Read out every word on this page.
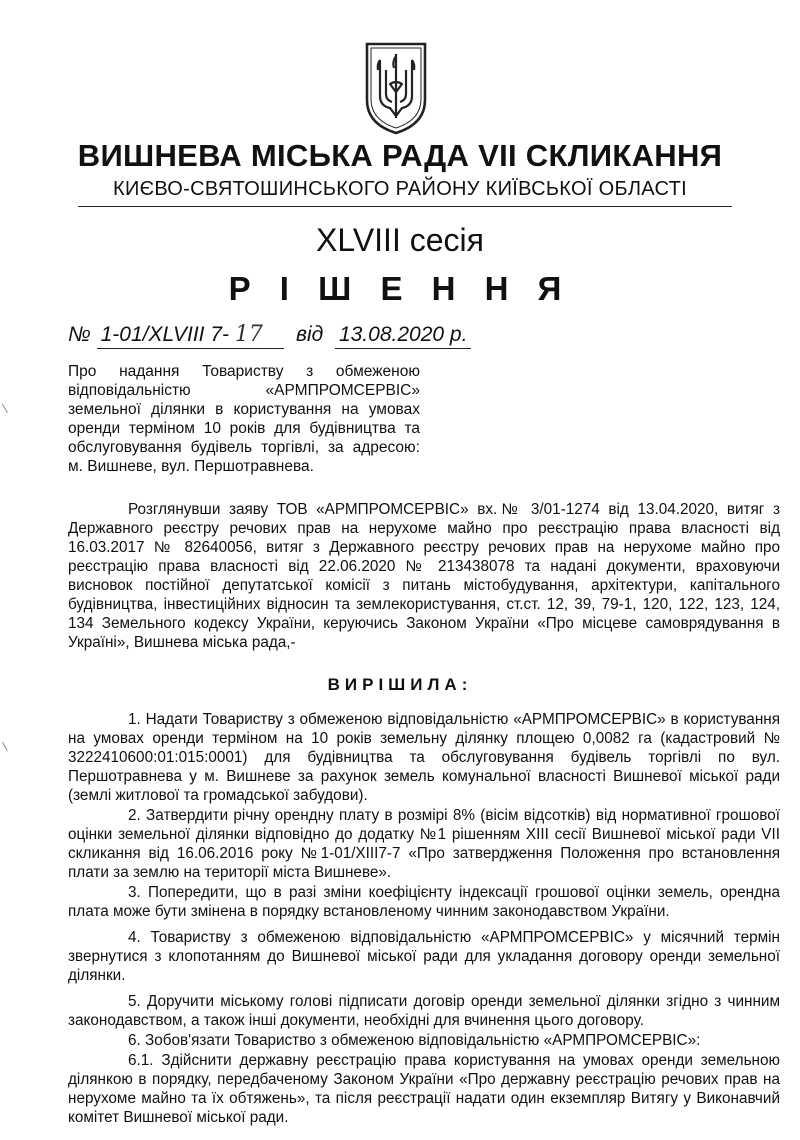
ВИШНЕВА МІСЬКА РАДА VII СКЛИКАННЯ
КИЄВО-СВЯТОШИНСЬКОГО РАЙОНУ КИЇВСЬКОЇ ОБЛАСТІ
XLVIII сесія
Р І Ш Е Н Н Я
№ 1-01/XLVIII 7- 17 від 13.08.2020 р.
Про надання Товариству з обмеженою відповідальністю «АРМПРОМСЕРВІС» земельної ділянки в користування на умовах оренди терміном 10 років для будівництва та обслуговування будівель торгівлі, за адресою: м. Вишневе, вул. Першотравнева.

Розглянувши заяву ТОВ «АРМПРОМСЕРВІС» вх.№ 3/01-1274 від 13.04.2020, витяг з Державного реєстру речових прав на нерухоме майно про реєстрацію права власності від 16.03.2017 № 82640056, витяг з Державного реєстру речових прав на нерухоме майно про реєстрацію права власності від 22.06.2020 № 213438078 та надані документи, враховуючи висновок постійної депутатської комісії з питань містобудування, архітектури, капітального будівництва, інвестиційних відносин та землекористування, ст.ст. 12, 39, 79-1, 120, 122, 123, 124, 134 Земельного кодексу України, керуючись Законом України «Про місцеве самоврядування в Україні», Вишнева міська рада,-

ВИРІШИЛА:

1. Надати Товариству з обмеженою відповідальністю «АРМПРОМСЕРВІС» в користування на умовах оренди терміном на 10 років земельну ділянку площею 0,0082 га (кадастровий № 3222410600:01:015:0001) для будівництва та обслуговування будівель торгівлі по вул. Першотравнева у м. Вишневе за рахунок земель комунальної власності Вишневої міської ради (землі житлової та громадської забудови).

2. Затвердити річну орендну плату в розмірі 8% (вісім відсотків) від нормативної грошової оцінки земельної ділянки відповідно до додатку №1 рішенням XIII сесії Вишневої міської ради VII скликання від 16.06.2016 року №1-01/XIII7-7 «Про затвердження Положення про встановлення плати за землю на території міста Вишневе».

3. Попередити, що в разі зміни коефіцієнту індексації грошової оцінки земель, орендна плата може бути змінена в порядку встановленому чинним законодавством України.

4. Товариству з обмеженою відповідальністю «АРМПРОМСЕРВІС» у місячний термін звернутися з клопотанням до Вишневої міської ради для укладання договору оренди земельної ділянки.

5. Доручити міському голові підписати договір оренди земельної ділянки згідно з чинним законодавством, а також інші документи, необхідні для вчинення цього договору.

6. Зобов'язати Товариство з обмеженою відповідальністю «АРМПРОМСЕРВІС»:

6.1. Здійснити державну реєстрацію права користування на умовах оренди земельною ділянкою в порядку, передбаченому Законом України «Про державну реєстрацію речових прав на нерухоме майно та їх обтяжень», та після реєстрації надати один екземпляр Витягу у Виконавчий комітет Вишневої міської ради.
